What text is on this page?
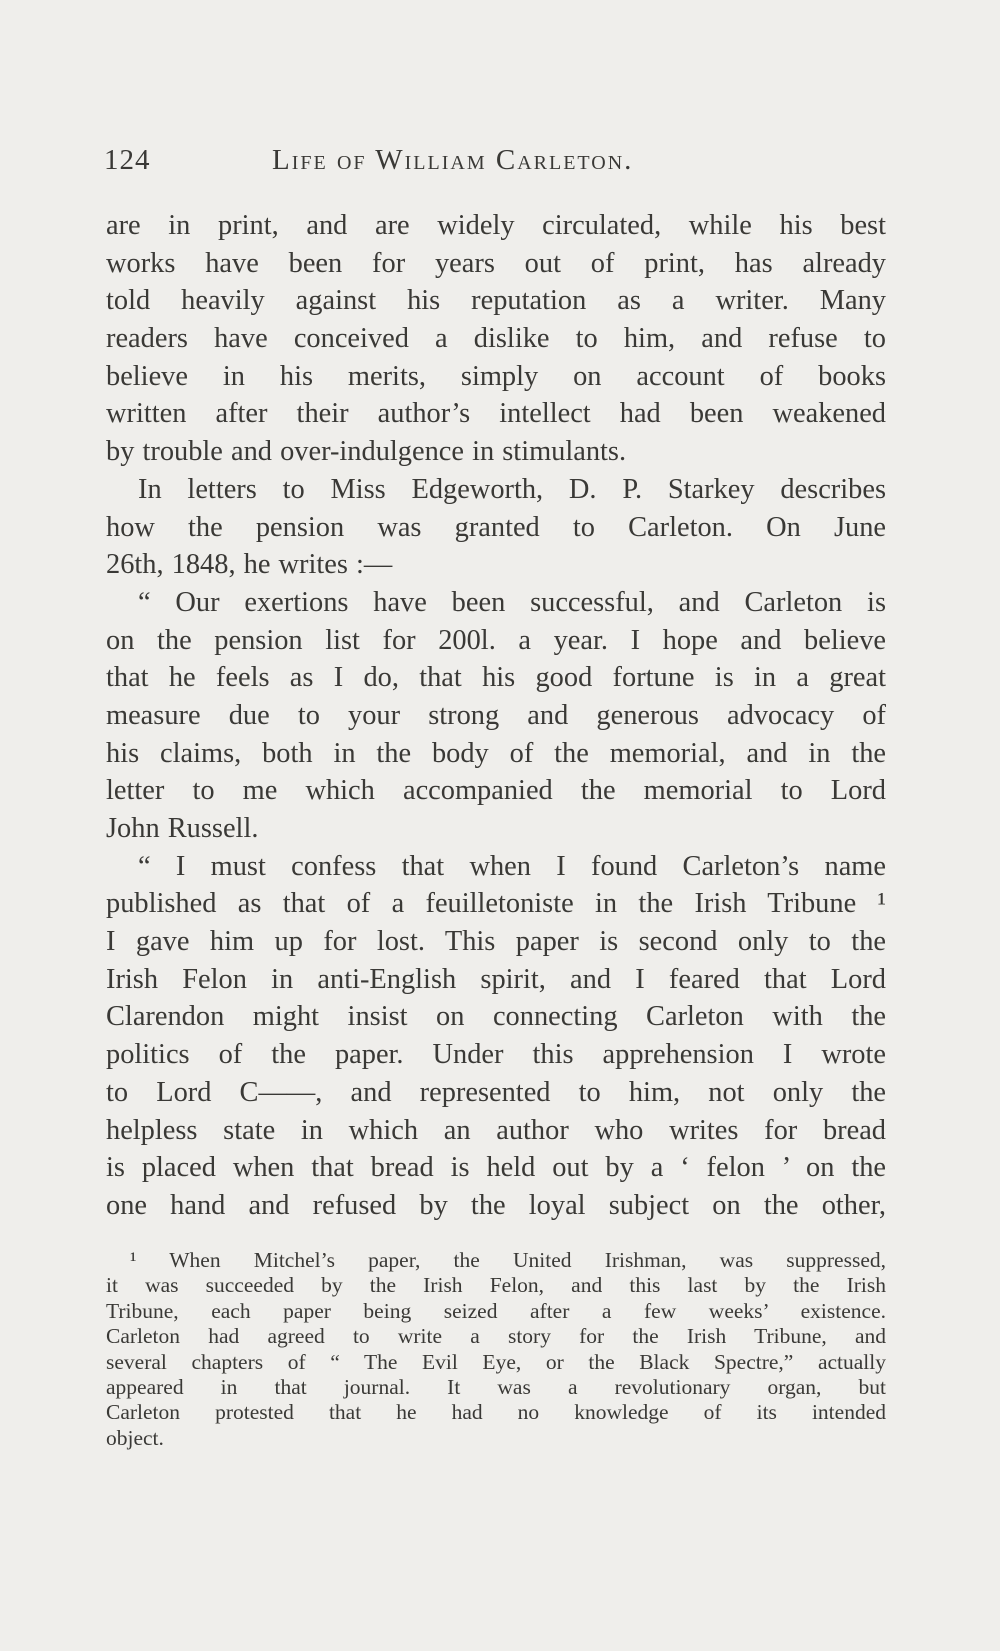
124	Life of William Carleton.
are in print, and are widely circulated, while his best
works have been for years out of print, has already
told heavily against his reputation as a writer. Many
readers have conceived a dislike to him, and refuse to
believe in his merits, simply on account of books
written after their author’s intellect had been weakened
by trouble and over-indulgence in stimulants.
In letters to Miss Edgeworth, D. P. Starkey describes
how the pension was granted to Carleton. On June
26th, 1848, he writes :—
“ Our exertions have been successful, and Carleton is
on the pension list for 200l. a year. I hope and believe
that he feels as I do, that his good fortune is in a great
measure due to your strong and generous advocacy of
his claims, both in the body of the memorial, and in the
letter to me which accompanied the memorial to Lord
John Russell.
“ I must confess that when I found Carleton’s name
published as that of a feuilletoniste in the Irish Tribune ¹
I gave him up for lost. This paper is second only to the
Irish Felon in anti-English spirit, and I feared that Lord
Clarendon might insist on connecting Carleton with the
politics of the paper. Under this apprehension I wrote
to Lord C——, and represented to him, not only the
helpless state in which an author who writes for bread
is placed when that bread is held out by a ‘ felon ’ on the
one hand and refused by the loyal subject on the other,
¹ When Mitchel’s paper, the United Irishman, was suppressed,
it was succeeded by the Irish Felon, and this last by the Irish
Tribune, each paper being seized after a few weeks’ existence.
Carleton had agreed to write a story for the Irish Tribune, and
several chapters of “ The Evil Eye, or the Black Spectre,” actually
appeared in that journal. It was a revolutionary organ, but
Carleton protested that he had no knowledge of its intended
object.
